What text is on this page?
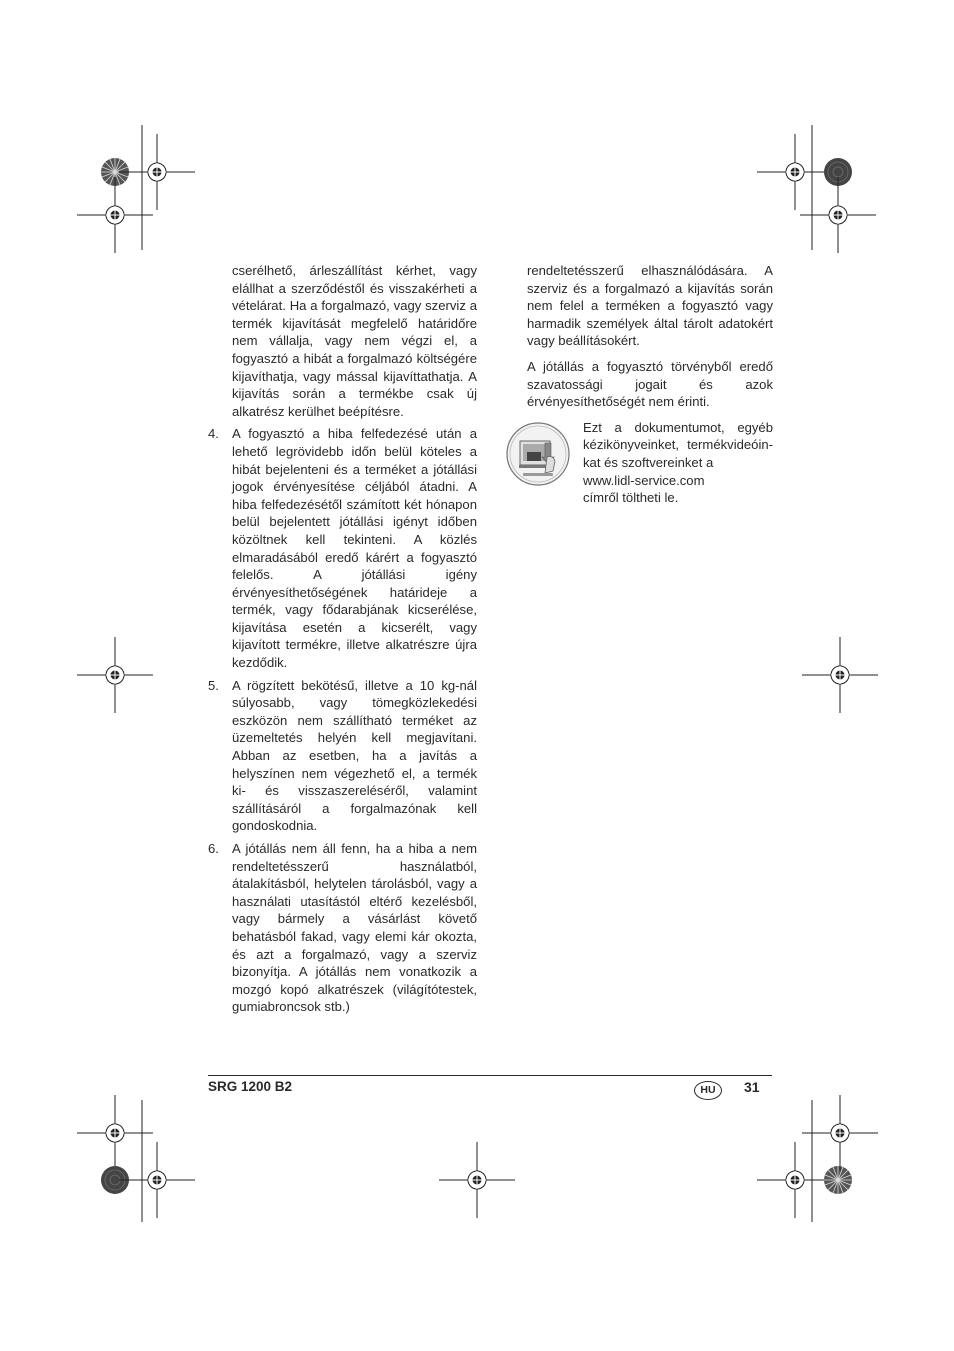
cserélhető, árleszállítást kérhet, vagy elállhat a szerződéstől és visszakérheti a vételárat. Ha a forgalmazó, vagy szerviz a termék kijavítását megfelelő határidőre nem vállalja, vagy nem végzi el, a fogyasztó a hibát a forgalmazó költségére kijavíthatja, vagy mással kijavíttathatja. A kijavítás során a termékbe csak új alkatrész kerülhet beépítésre.

4. A fogyasztó a hiba felfedezésé után a lehető legrövidebb időn belül köteles a hibát bejelenteni és a terméket a jótállási jogok érvényesítése céljából átadni. A hiba felfedezésétől számított két hónapon belül bejelentett jótállási igényt időben közöltnek kell tekinteni. A közlés elmaradásából eredő kárért a fogyasztó felelős. A jótállási igény érvényesíthetőségének határideje a termék, vagy fődarabjának kicserélése, kijavítása esetén a kicserélt, vagy kijavított termékre, illetve alkatrészre újra kezdődik.
5. A rögzített bekötésű, illetve a 10 kg-nál súlyosabb, vagy tömegközlekedési eszközön nem szállítható terméket az üzemeltetés helyén kell megjavítani. Abban az esetben, ha a javítás a helyszínen nem végezhető el, a termék ki- és visszaszereléséről, valamint szállításáról a forgalmazónak kell gondoskodnia.
6. A jótállás nem áll fenn, ha a hiba a nem rendeltetésszerű használatból, átalakításból, helytelen tárolásból, vagy a használati utasítástól eltérő kezelésből, vagy bármely a vásárlást követő behatásból fakad, vagy elemi kár okozta, és azt a forgalmazó, vagy a szerviz bizonyítja. A jótállás nem vonatkozik a mozgó kopó alkatrészek (világítótestek, gumiabroncsok stb.)

rendeltetésszerű elhasználódására. A szerviz és a forgalmazó a kijavítás során nem felel a terméken a fogyasztó vagy harmadik személyek által tárolt adatokért vagy beállításokért.

A jótállás a fogyasztó törvényből eredő szavatossági jogait és azok érvényesíthetőségét nem érinti.

Ezt a dokumentumot, egyéb
kézikönyveinket, termékvideóin-
kat és szoftvereinket a
www.lidl-service.com
címről töltheti le.
SRG 1200 B2	HU	31
